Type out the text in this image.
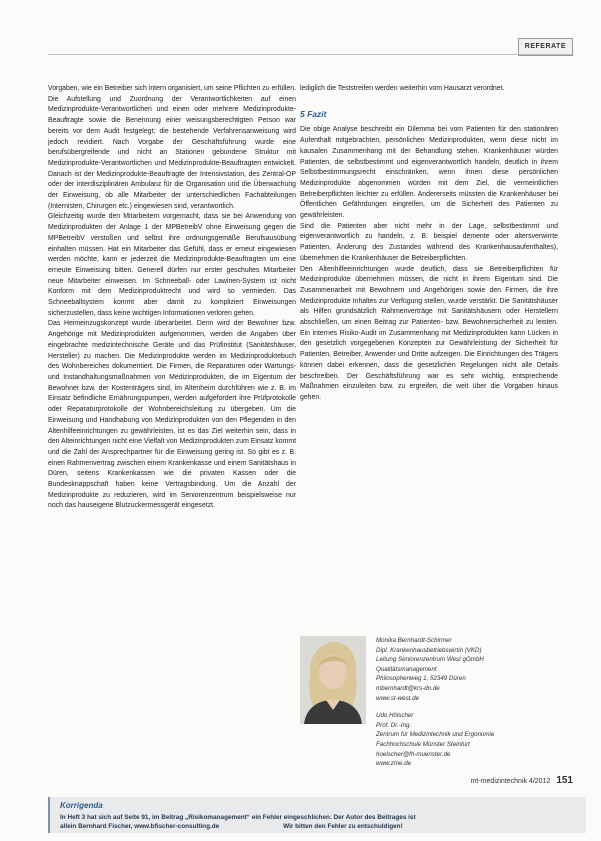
REFERATE

Vorgaben, wie ein Betreiber sich intern organisiert, um seine Pflichten zu erfüllen. Die Aufstellung und Zuordnung der Verantwortlichkeiten auf einen Medizinprodukte-Verantwortlichen und einen oder mehrere Medizinprodukte-Beauftragte sowie die Benennung einer weisungsberechtigten Person war bereits vor dem Audit festgelegt; die bestehende Verfahrensanweisung wird jedoch revidiert. Nach Vorgabe der Geschäftsführung wurde eine berufsübergreifende und nicht an Stationen gebundene Struktur mit Medizinprodukte-Verantwortlichen und Medizinprodukte-Beauftragten entwickelt. Danach ist der Medizinprodukte-Beauftragte der Intensivstation, des Zentral-OP oder der interdisziplinären Ambulanz für die Organisation und die Überwachung der Einweisung, ob alle Mitarbeiter der unterschiedlichen Fachabteilungen (Internisten, Chirurgen etc.) eingewiesen sind, verantwortlich.

Gleichzeitig wurde den Mitarbeitern vorgemacht, dass sie bei Anwendung von Medizinprodukten der Anlage 1 der MPBetreibV ohne Einweisung gegen die MPBetreibV verstoßen und selbst ihre ordnungsgemäße Berufsausübung einhalten müssen. Hat ein Mitarbeiter das Gefühl, dass er erneut eingewiesen werden möchte, kann er jederzeit die Medizinprodukte-Beauftragten um eine erneute Einweisung bitten. Generell dürfen nur erster geschultes Mitarbeiter neue Mitarbeiter einweisen. Im Schneeball- oder Lawinen-System ist nicht Konform mit dem Medizinproduktrecht und wird so vermieden. Das Schneeballsystem kommt aber damit zu kompliziert Einweisungen sicherzustellen, dass keine wichtigen Informationen verloren gehen.

Das Heimeinzugskonzept wurde überarbeitet. Denn wird der Bewohner bzw. Angehörige mit Medizinprodukten aufgenommen, werden die Angaben über eingebrachte medizintechnische Geräte und das Prüfinstitut (Sanitätshäuser, Hersteller) zu machen. Die Medizinprodukte werden im Medizinproduktebuch des Wohnbereiches dokumentiert. Die Firmen, die Reparaturen oder Wartungs- und Instandhaltungsmaßnahmen von Medizinprodukten, die im Eigentum der Bewohner bzw. der Kostenträgers sind, im Altenheim durchführen wie z. B. im Einsatz befindliche Ernährungspumpen, werden aufgefordert ihre Prüfprotokolle oder Reparaturprotokolle der Wohnbereichsleitung zu übergeben. Um die Einweisung und Handhabung von Medizinprodukten von den Pflegenden in den Altenhilfeeinrichtungen zu gewährleisten, ist es das Ziel weiterhin sein, dass in den Alteinrichtungen nicht eine Vielfalt von Medizinprodukten zum Einsatz kommt und die Zahl der Ansprechpartner für die Einweisung gering ist. So gibt es z. B. einen Rahmenvertrag zwischen einem Krankenkasse und einem Sanitätshaus in Düren, seitens Krankenkassen wie die privaten Kassen oder die Bundesknappschaft haben keine Vertragsbindung. Um die Anzahl der Medizinprodukte zu reduzieren, wird im Seniorenzentrum beispielsweise nur noch das hauseigene Blutzuckermessgerät eingesetzt.

lediglich die Teststreifen werden weiterhin vom Hausarzt verordnet.

5 Fazit

Die obige Analyse beschreibt ein Dilemma bei vom Patienten für den stationären Aufenthalt mitgebrachten, persönlichen Medizinprodukten, wenn diese nicht im kausalen Zusammenhang mit der Behandlung stehen. Krankenhäuser würden Patienten, die selbstbestimmt und eigenverantwortlich handeln, deutlich in ihrem Selbstbestimmungsrecht einschränken, wenn ihnen diese persönlichen Medizinprodukte abgenommen würden mit dem Ziel, die vermeintlichen Betreiberpflichten leichter zu erfüllen. Andererseits müssten die Krankenhäuser bei Öffentlichen Gefährdungen eingreifen, um die Sicherheit des Patienten zu gewährleisten.

Sind die Patienten aber nicht mehr in der Lage, selbstbestimmt und eigenverantwortlich zu handeln, z. B. beispiel demente oder altersverwirrte Patienten, Änderung des Zustandes während des Krankenhausaufenthaltes), übernehmen die Krankenhäuser die Betreiberpflichten.

Den Altenhilfeeinrichtungen wurde deutlich, dass sie Betreiberpflichten für Medizinprodukte übernehmen müssen, die nicht in ihrem Eigentum sind. Die Zusammenarbeit mit Bewohnern und Angehörigen sowie den Firmen, die ihre Medizinprodukte Inhaltes zur Verfügung stellen, wurde verstärkt. Die Sanitätshäuser als Hilfen grundsätzlich Rahmenverträge mit Sanitätshäusern oder Herstellern abschließen, um einen Beitrag zur Patienten- bzw. Bewohnersicherheit zu leisten. Ein internes Risiko-Audit im Zusammenhang mit Medizinprodukten kann Lücken in den gesetzlich vorgegebenen Konzepten zur Gewährleistung der Sicherheit für Patienten, Betreiber, Anwender und Dritte aufzeigen. Die Einrichtungen des Trägers können dabei erkennen, dass die gesetzlichen Regelungen nicht alle Details beschreiben. Der Geschäftsführung war es sehr wichtig, entsprechende Maßnahmen einzuleiten bzw. zu ergreifen, die weit über die Vorgaben hinaus gehen.

Monika Bernhardt-Schirmer

Dipl. Krankenhausbetriebswirtin (VKD)

Leitung Seniorenzentrum West gGmbH

Qualitätsmanagement

Philosophenweg 1, 52349 Düren

mbernhardt@krs-dn.de

www.st-west.de

Udo Hölscher

Prof. Dr.-Ing.

Zentrum für Medizintechnik und Ergonomie

Fachhochschule Münster Steinfurt

hoelscher@fh-muenster.de

www.zme.de

mt-medizintechnik 4/2012 151
Korrigenda
In Heft 3 hat sich auf Seite 91, im Beitrag „Risikomanagement“ ein Fehler eingeschlichen. Der Autor des Beitrages ist
allein Bernhard Fischer, www.bfischer-consulting.de                                    Wir bitten den Fehler zu entschuldigen!
